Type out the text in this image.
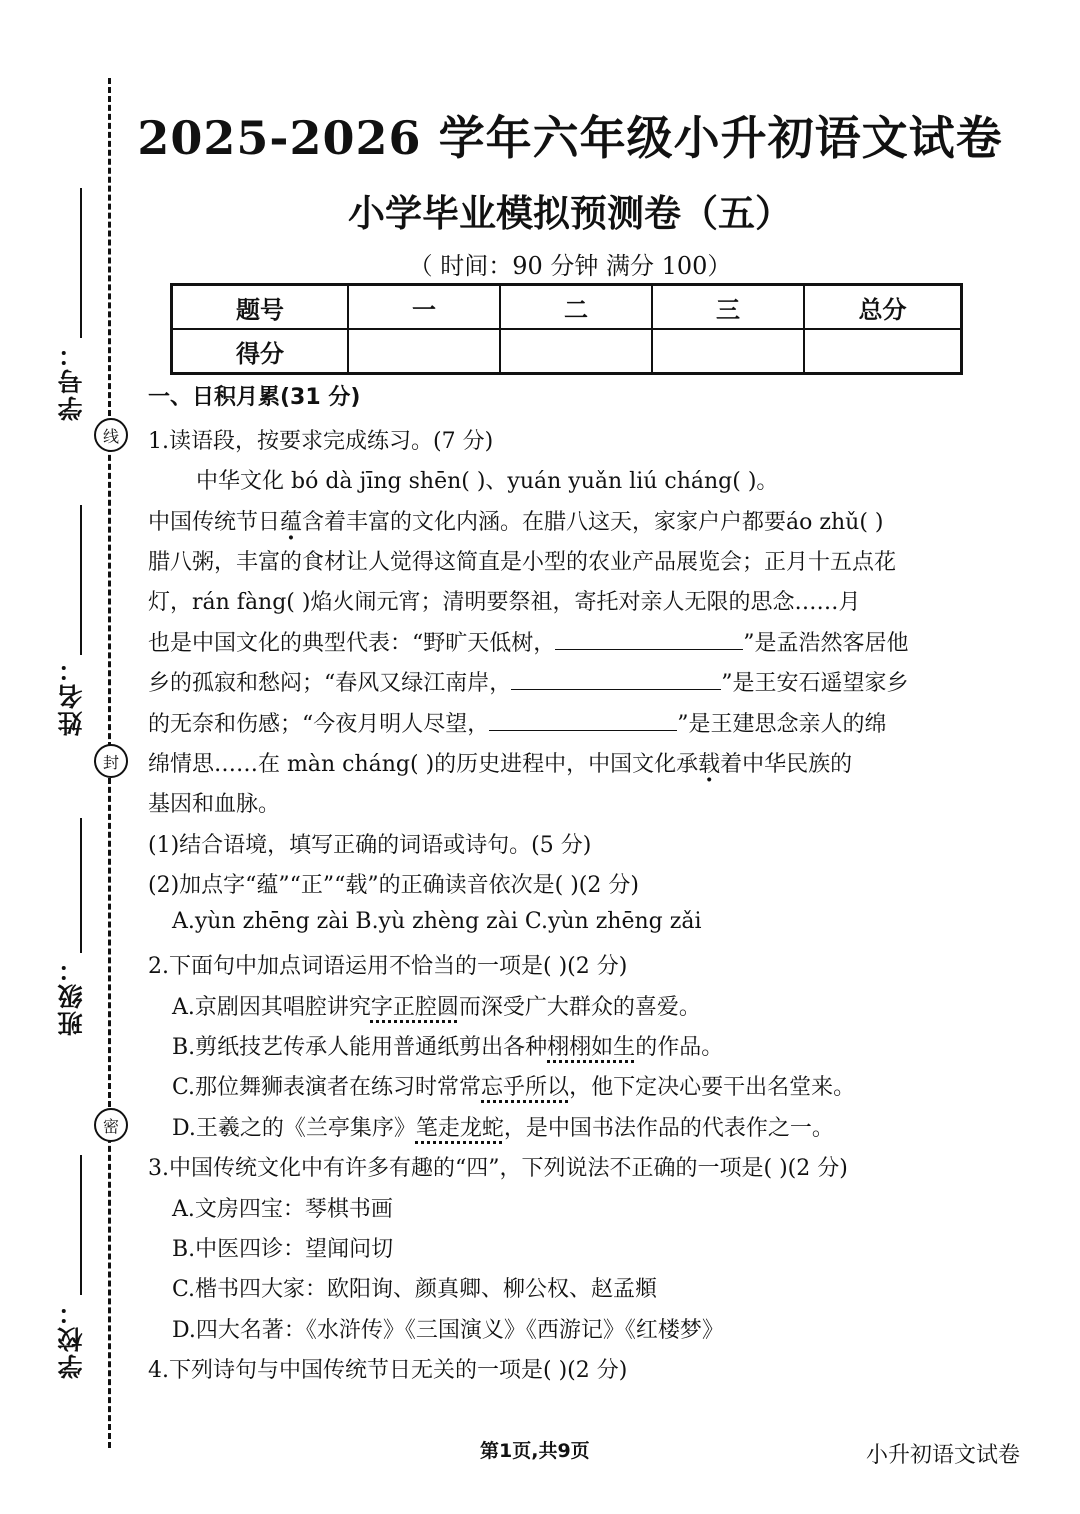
线
封
密
学号：
姓名：
班级：
学校：
2025-2026 学年六年级小升初语文试卷
小学毕业模拟预测卷（五）
（ 时间：90 分钟 满分 100）
题号	一	二	三	总分
得分				
一、日积月累(31 分)
1.读语段，按要求完成练习。(7 分)
中华文化 bó dà jīng shēn( )、yuán yuǎn liú cháng( )。
中国传统节日蕴含着丰富的文化内涵。在腊八这天，家家户户都要áo zhǔ( )
腊八粥，丰富的食材让人觉得这简直是小型的农业产品展览会；正月十五点花
灯，rán fàng( )焰火闹元宵；清明要祭祖，寄托对亲人无限的思念……月
也是中国文化的典型代表：“野旷天低树，	”是孟浩然客居他
乡的孤寂和愁闷；“春风又绿江南岸，	”是王安石遥望家乡
的无奈和伤感；“今夜月明人尽望，	”是王建思念亲人的绵
绵情思……在 màn cháng( )的历史进程中，中国文化承载着中华民族的
基因和血脉。
(1)结合语境，填写正确的词语或诗句。(5 分)
(2)加点字“蕴”“正”“载”的正确读音依次是( )(2 分)
A.yùn zhēng zài B.yù zhèng zài C.yùn zhēng zǎi
2.下面句中加点词语运用不恰当的一项是( )(2 分)
A.京剧因其唱腔讲究字正腔圆而深受广大群众的喜爱。
B.剪纸技艺传承人能用普通纸剪出各种栩栩如生的作品。
C.那位舞狮表演者在练习时常常忘乎所以，他下定决心要干出名堂来。
D.王羲之的《兰亭集序》笔走龙蛇，是中国书法作品的代表作之一。
3.中国传统文化中有许多有趣的“四”，下列说法不正确的一项是( )(2 分)
A.文房四宝：琴棋书画
B.中医四诊：望闻问切
C.楷书四大家：欧阳询、颜真卿、柳公权、赵孟頫
D.四大名著：《水浒传》《三国演义》《西游记》《红楼梦》
4.下列诗句与中国传统节日无关的一项是( )(2 分)
第1页,共9页	小升初语文试卷
